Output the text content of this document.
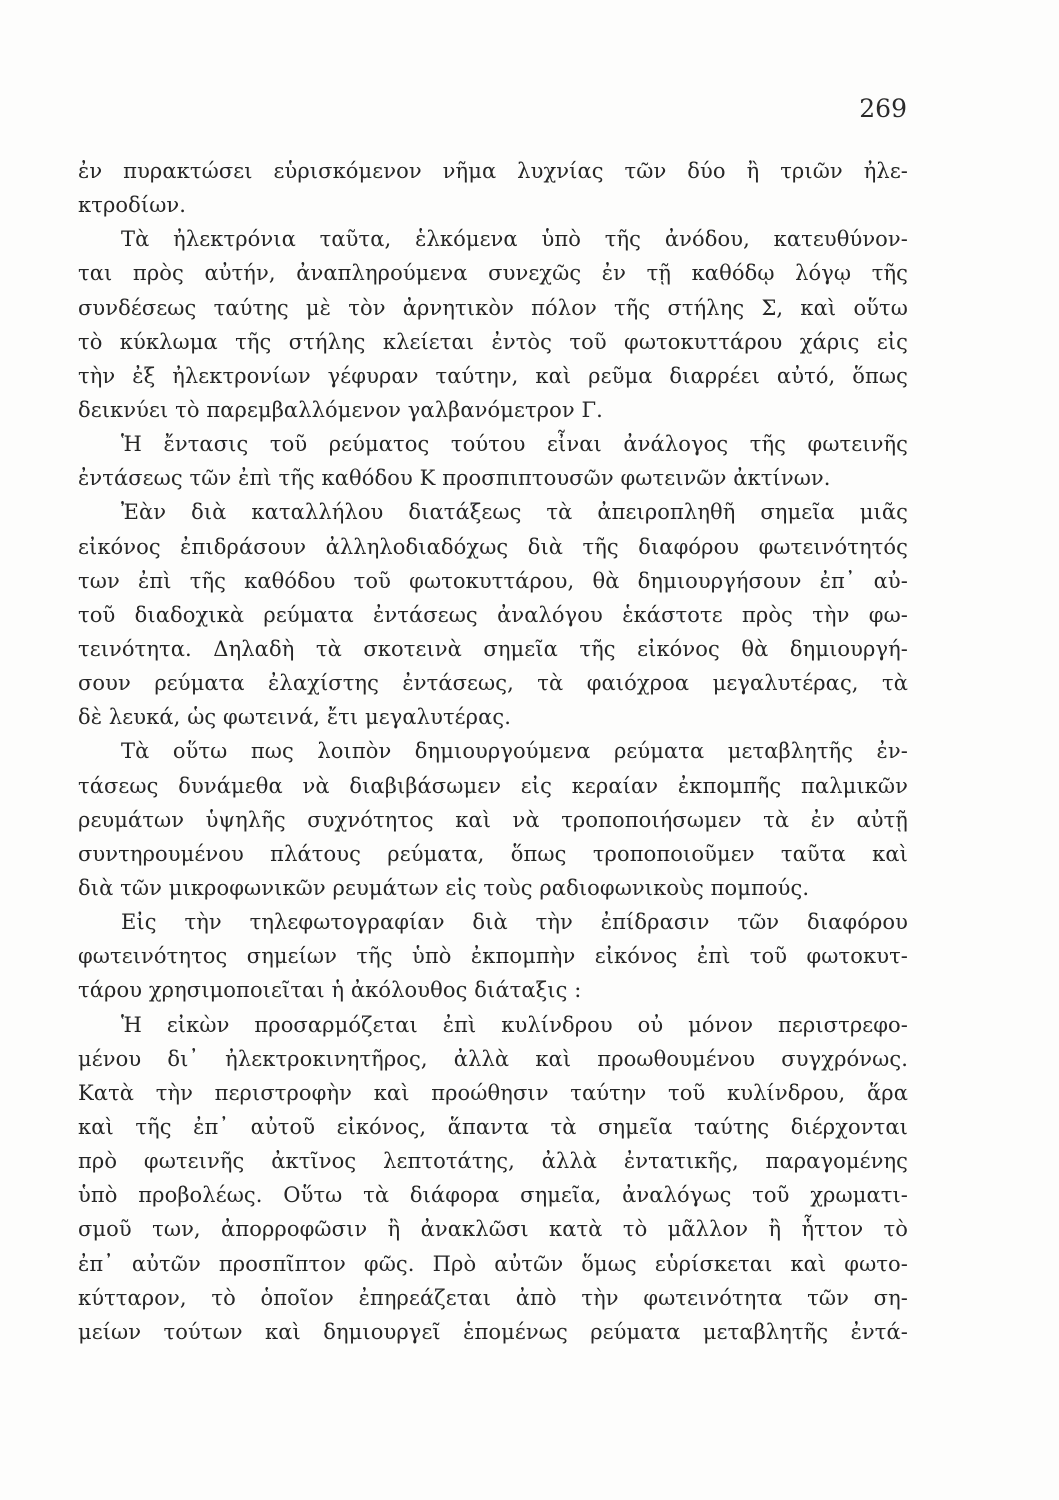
269
ἐν πυρακτώσει εὑρισκόμενον νῆμα λυχνίας τῶν δύο ἢ τριῶν ἠλε-
κτροδίων.
Τὰ ἠλεκτρόνια ταῦτα, ἑλκόμενα ὑπὸ τῆς ἀνόδου, κατευθύνον-
ται πρὸς αὐτήν, ἀναπληρούμενα συνεχῶς ἐν τῇ καθόδῳ λόγῳ τῆς
συνδέσεως ταύτης μὲ τὸν ἀρνητικὸν πόλον τῆς στήλης Σ, καὶ οὕτω
τὸ κύκλωμα τῆς στήλης κλείεται ἐντὸς τοῦ φωτοκυττάρου χάρις εἰς
τὴν ἐξ ἠλεκτρονίων γέφυραν ταύτην, καὶ ρεῦμα διαρρέει αὐτό, ὅπως
δεικνύει τὸ παρεμβαλλόμενον γαλβανόμετρον Γ.
Ἡ ἔντασις τοῦ ρεύματος τούτου εἶναι ἀνάλογος τῆς φωτεινῆς
ἐντάσεως τῶν ἐπὶ τῆς καθόδου Κ προσπιπτουσῶν φωτεινῶν ἀκτίνων.
Ἐὰν διὰ καταλλήλου διατάξεως τὰ ἀπειροπληθῆ σημεῖα μιᾶς
εἰκόνος ἐπιδράσουν ἀλληλοδιαδόχως διὰ τῆς διαφόρου φωτεινότητός
των ἐπὶ τῆς καθόδου τοῦ φωτοκυττάρου, θὰ δημιουργήσουν ἐπ᾽ αὐ-
τοῦ διαδοχικὰ ρεύματα ἐντάσεως ἀναλόγου ἑκάστοτε πρὸς τὴν φω-
τεινότητα. Δηλαδὴ τὰ σκοτεινὰ σημεῖα τῆς εἰκόνος θὰ δημιουργή-
σουν ρεύματα ἐλαχίστης ἐντάσεως, τὰ φαιόχροα μεγαλυτέρας, τὰ
δὲ λευκά, ὡς φωτεινά, ἔτι μεγαλυτέρας.
Τὰ οὕτω πως λοιπὸν δημιουργούμενα ρεύματα μεταβλητῆς ἐν-
τάσεως δυνάμεθα νὰ διαβιβάσωμεν εἰς κεραίαν ἐκπομπῆς παλμικῶν
ρευμάτων ὑψηλῆς συχνότητος καὶ νὰ τροποποιήσωμεν τὰ ἐν αὐτῇ
συντηρουμένου πλάτους ρεύματα, ὅπως τροποποιοῦμεν ταῦτα καὶ
διὰ τῶν μικροφωνικῶν ρευμάτων εἰς τοὺς ραδιοφωνικοὺς πομπούς.
Εἰς τὴν τηλεφωτογραφίαν διὰ τὴν ἐπίδρασιν τῶν διαφόρου
φωτεινότητος σημείων τῆς ὑπὸ ἐκπομπὴν εἰκόνος ἐπὶ τοῦ φωτοκυτ-
τάρου χρησιμοποιεῖται ἡ ἀκόλουθος διάταξις :
Ἡ εἰκὼν προσαρμόζεται ἐπὶ κυλίνδρου οὐ μόνον περιστρεφο-
μένου δι᾽ ἠλεκτροκινητῆρος, ἀλλὰ καὶ προωθουμένου συγχρόνως.
Κατὰ τὴν περιστροφὴν καὶ προώθησιν ταύτην τοῦ κυλίνδρου, ἅρα
καὶ τῆς ἐπ᾽ αὐτοῦ εἰκόνος, ἅπαντα τὰ σημεῖα ταύτης διέρχονται
πρὸ φωτεινῆς ἀκτῖνος λεπτοτάτης, ἀλλὰ ἐντατικῆς, παραγομένης
ὑπὸ προβολέως. Οὕτω τὰ διάφορα σημεῖα, ἀναλόγως τοῦ χρωματι-
σμοῦ των, ἀπορροφῶσιν ἢ ἀνακλῶσι κατὰ τὸ μᾶλλον ἢ ἧττον τὸ
ἐπ᾽ αὐτῶν προσπῖπτον φῶς. Πρὸ αὐτῶν ὅμως εὑρίσκεται καὶ φωτο-
κύτταρον, τὸ ὁποῖον ἐπηρεάζεται ἀπὸ τὴν φωτεινότητα τῶν ση-
μείων τούτων καὶ δημιουργεῖ ἑπομένως ρεύματα μεταβλητῆς ἐντά-
